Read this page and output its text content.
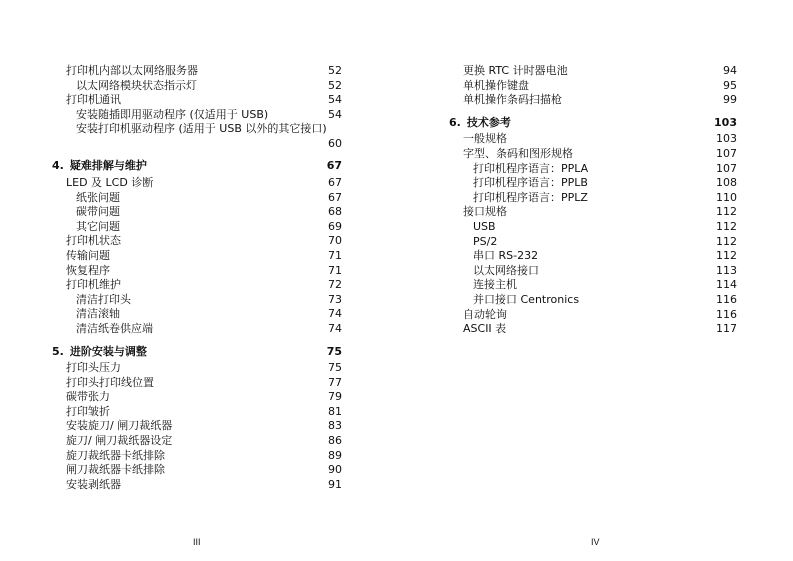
打印机内部以太网络服务器	52
以太网络模块状态指示灯	52
打印机通讯	54
安装随插即用驱动程序 (仅适用于 USB)	54
安装打印机驱动程序 (适用于 USB 以外的其它接口)
60
4. 疑难排解与维护	67
LED 及 LCD 诊断	67
纸张问题	67
碳带问题	68
其它问题	69
打印机状态	70
传输问题	71
恢复程序	71
打印机维护	72
清洁打印头	73
清洁滚轴	74
清洁纸卷供应端	74
5. 进阶安装与调整	75
打印头压力	75
打印头打印线位置	77
碳带张力	79
打印皱折	81
安装旋刀/ 闸刀裁纸器	83
旋刀/ 闸刀裁纸器设定	86
旋刀裁纸器卡纸排除	89
闸刀裁纸器卡纸排除	90
安装剥纸器	91
更换 RTC 计时器电池	94
单机操作键盘	95
单机操作条码扫描枪	99
6. 技术参考	103
一般规格	103
字型、条码和图形规格	107
打印机程序语言：PPLA	107
打印机程序语言：PPLB	108
打印机程序语言：PPLZ	110
接口规格	112
USB	112
PS/2	112
串口 RS-232	112
以太网络接口	113
连接主机	114
并口接口 Centronics	116
自动轮询	116
ASCII 表	117
III	IV
